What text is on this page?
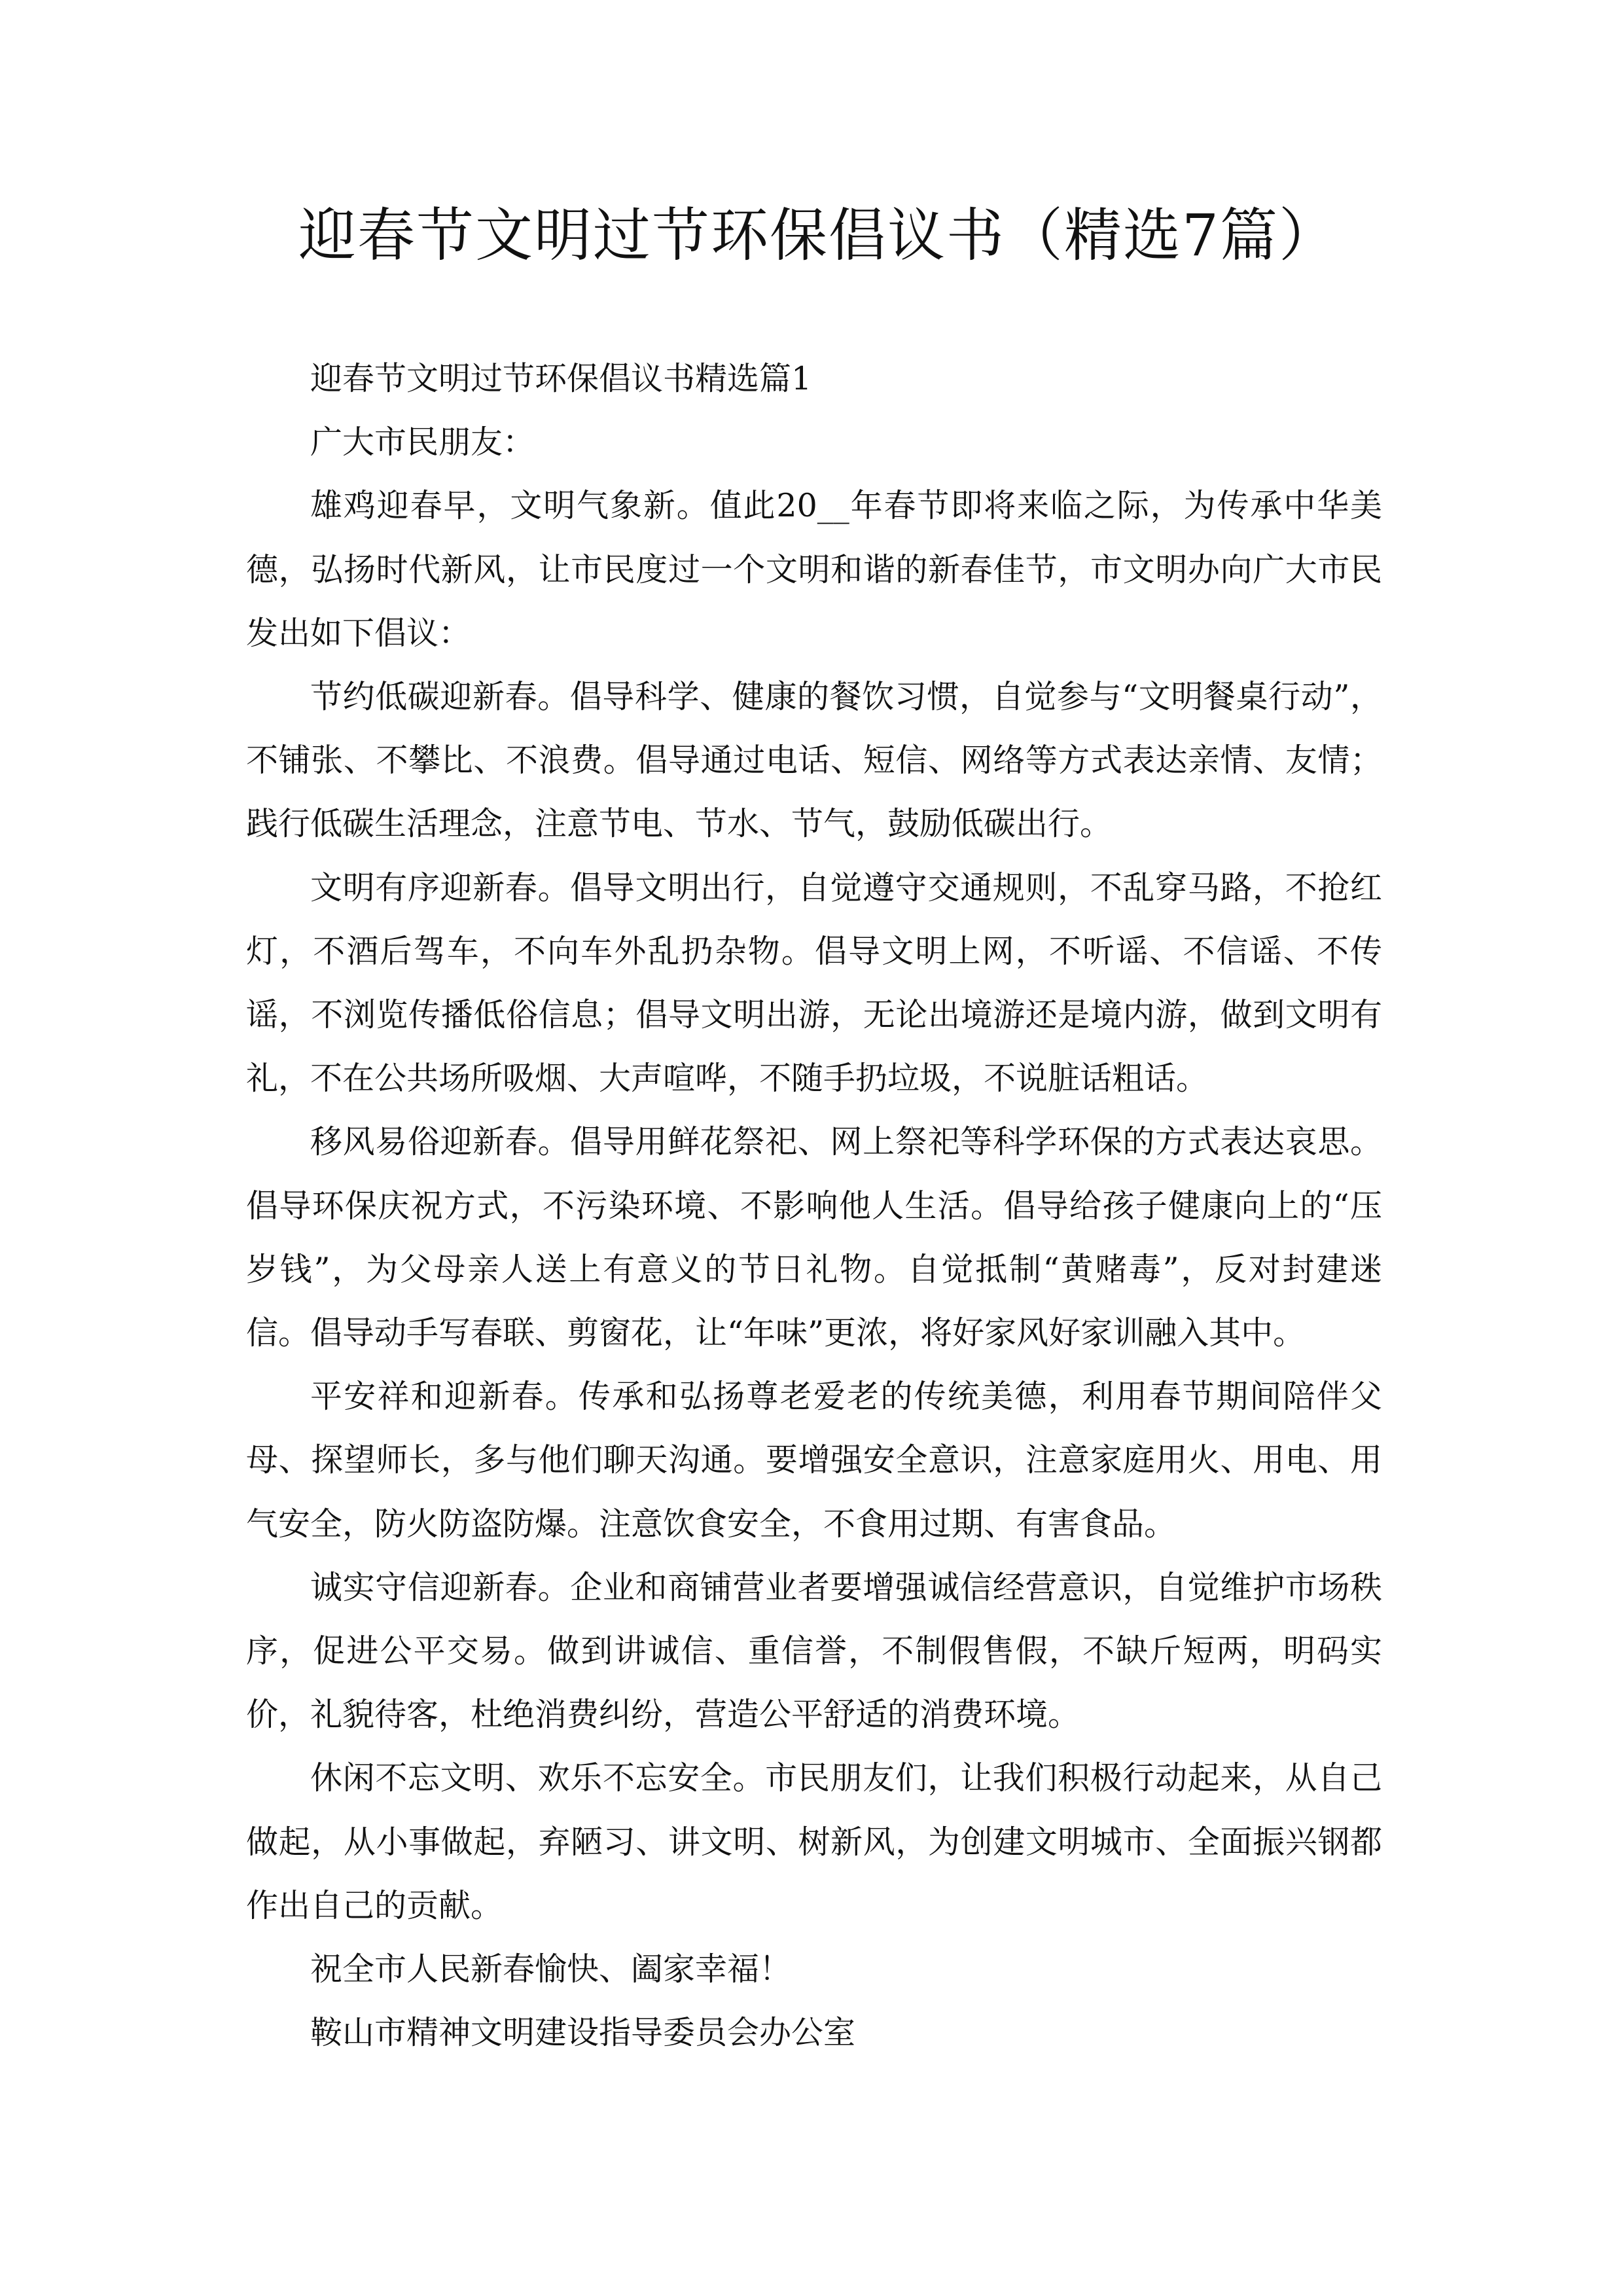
迎春节文明过节环保倡议书（精选7篇）

迎春节文明过节环保倡议书精选篇1

广大市民朋友：

雄鸡迎春早，文明气象新。值此20__年春节即将来临之际，为传承中华美德，弘扬时代新风，让市民度过一个文明和谐的新春佳节，市文明办向广大市民发出如下倡议：

节约低碳迎新春。倡导科学、健康的餐饮习惯，自觉参与“文明餐桌行动”，不铺张、不攀比、不浪费。倡导通过电话、短信、网络等方式表达亲情、友情；践行低碳生活理念，注意节电、节水、节气，鼓励低碳出行。

文明有序迎新春。倡导文明出行，自觉遵守交通规则，不乱穿马路，不抢红灯，不酒后驾车，不向车外乱扔杂物。倡导文明上网，不听谣、不信谣、不传谣，不浏览传播低俗信息；倡导文明出游，无论出境游还是境内游，做到文明有礼，不在公共场所吸烟、大声喧哗，不随手扔垃圾，不说脏话粗话。

移风易俗迎新春。倡导用鲜花祭祀、网上祭祀等科学环保的方式表达哀思。倡导环保庆祝方式，不污染环境、不影响他人生活。倡导给孩子健康向上的“压岁钱”，为父母亲人送上有意义的节日礼物。自觉抵制“黄赌毒”，反对封建迷信。倡导动手写春联、剪窗花，让“年味”更浓，将好家风好家训融入其中。

平安祥和迎新春。传承和弘扬尊老爱老的传统美德，利用春节期间陪伴父母、探望师长，多与他们聊天沟通。要增强安全意识，注意家庭用火、用电、用气安全，防火防盗防爆。注意饮食安全，不食用过期、有害食品。

诚实守信迎新春。企业和商铺营业者要增强诚信经营意识，自觉维护市场秩序，促进公平交易。做到讲诚信、重信誉，不制假售假，不缺斤短两，明码实价，礼貌待客，杜绝消费纠纷，营造公平舒适的消费环境。

休闲不忘文明、欢乐不忘安全。市民朋友们，让我们积极行动起来，从自己做起，从小事做起，弃陋习、讲文明、树新风，为创建文明城市、全面振兴钢都作出自己的贡献。

祝全市人民新春愉快、阖家幸福！

鞍山市精神文明建设指导委员会办公室
